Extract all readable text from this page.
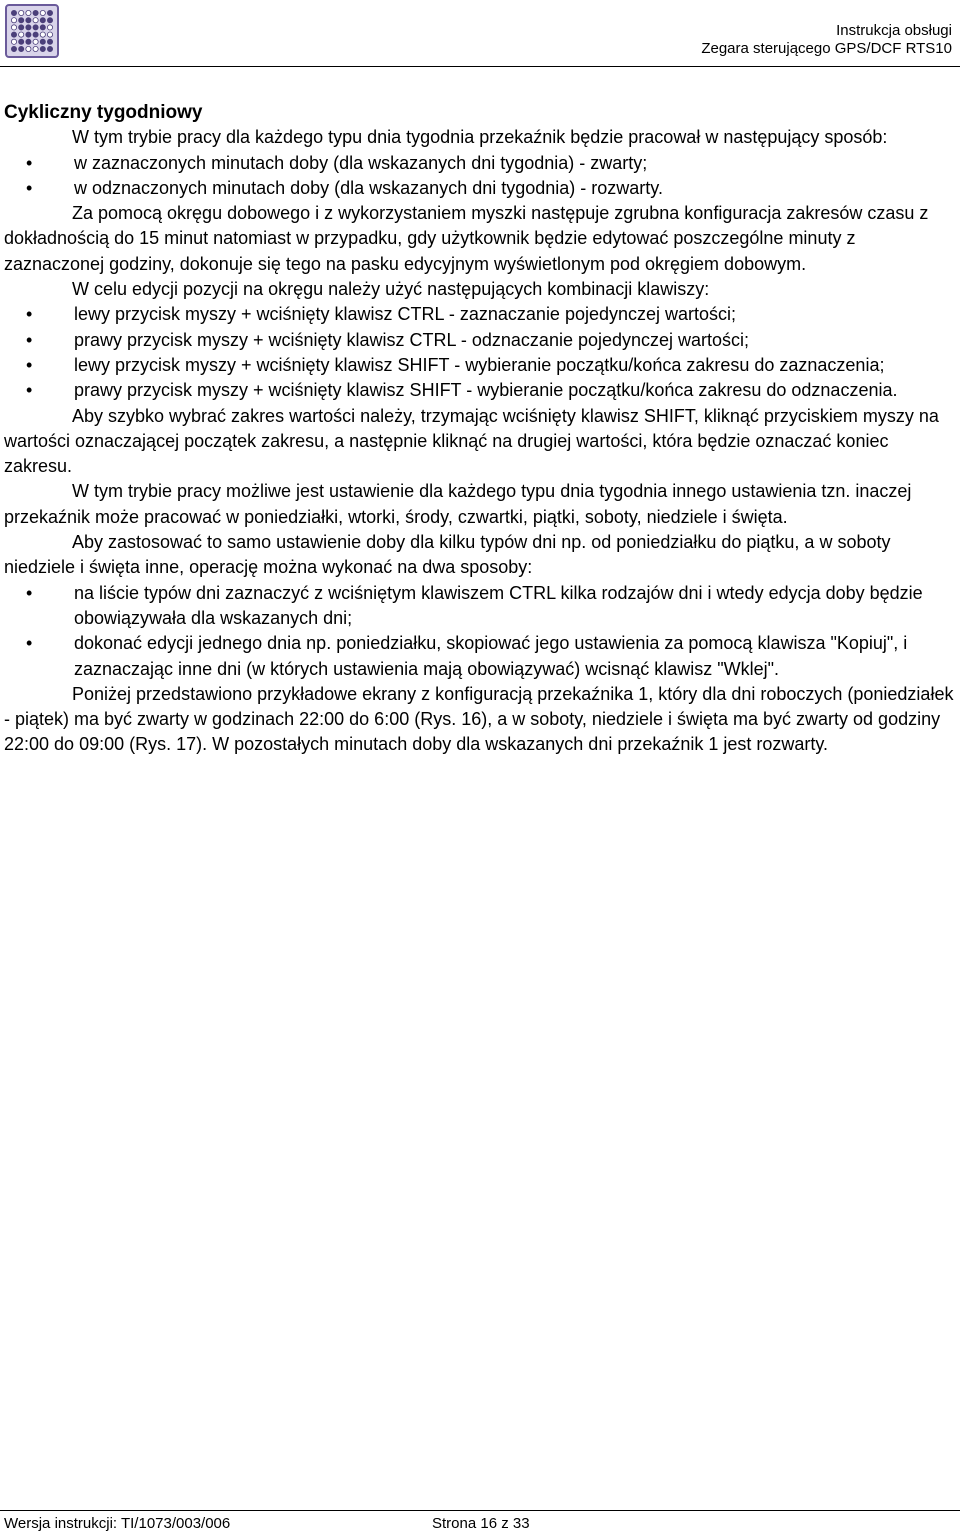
Instrukcja obsługi
Zegara sterującego GPS/DCF RTS10

Cykliczny tygodniowy

W tym trybie pracy dla każdego typu dnia tygodnia przekaźnik będzie pracował w następujący sposób:

• w zaznaczonych minutach doby (dla wskazanych dni tygodnia) - zwarty;
• w odznaczonych minutach doby (dla wskazanych dni tygodnia) - rozwarty.

Za pomocą okręgu dobowego i z wykorzystaniem myszki następuje zgrubna konfiguracja zakresów czasu z dokładnością do 15 minut natomiast w przypadku, gdy użytkownik będzie edytować poszczególne minuty z zaznaczonej godziny, dokonuje się tego na pasku edycyjnym wyświetlonym pod okręgiem dobowym.

W celu edycji pozycji na okręgu należy użyć następujących kombinacji klawiszy:

• lewy przycisk myszy + wciśnięty klawisz CTRL - zaznaczanie pojedynczej wartości;
• prawy przycisk myszy + wciśnięty klawisz CTRL - odznaczanie pojedynczej wartości;
• lewy przycisk myszy + wciśnięty klawisz SHIFT - wybieranie początku/końca zakresu do zaznaczenia;
• prawy przycisk myszy + wciśnięty klawisz SHIFT - wybieranie początku/końca zakresu do odznaczenia.

Aby szybko wybrać zakres wartości należy, trzymając wciśnięty klawisz SHIFT, kliknąć przyciskiem myszy na wartości oznaczającej początek zakresu, a następnie kliknąć na drugiej wartości, która będzie oznaczać koniec zakresu.

W tym trybie pracy możliwe jest ustawienie dla każdego typu dnia tygodnia innego ustawienia tzn. inaczej przekaźnik może pracować w poniedziałki, wtorki, środy, czwartki, piątki, soboty, niedziele i święta.

Aby zastosować to samo ustawienie doby dla kilku typów dni np. od poniedziałku do piątku, a w soboty niedziele i święta inne, operację można wykonać na dwa sposoby:

• na liście typów dni zaznaczyć z wciśniętym klawiszem CTRL kilka rodzajów dni i wtedy edycja doby będzie obowiązywała dla wskazanych dni;
• dokonać edycji jednego dnia np. poniedziałku, skopiować jego ustawienia za pomocą klawisza "Kopiuj", i zaznaczając inne dni (w których ustawienia mają obowiązywać) wcisnąć klawisz "Wklej".

Poniżej przedstawiono przykładowe ekrany z konfiguracją przekaźnika 1, który dla dni roboczych (poniedziałek - piątek) ma być zwarty w godzinach 22:00 do 6:00 (Rys. 16), a w soboty, niedziele i święta ma być zwarty od godziny 22:00 do 09:00 (Rys. 17). W pozostałych minutach doby dla wskazanych dni przekaźnik 1 jest rozwarty.

Wersja instrukcji: TI/1073/003/006	Strona 16 z 33
